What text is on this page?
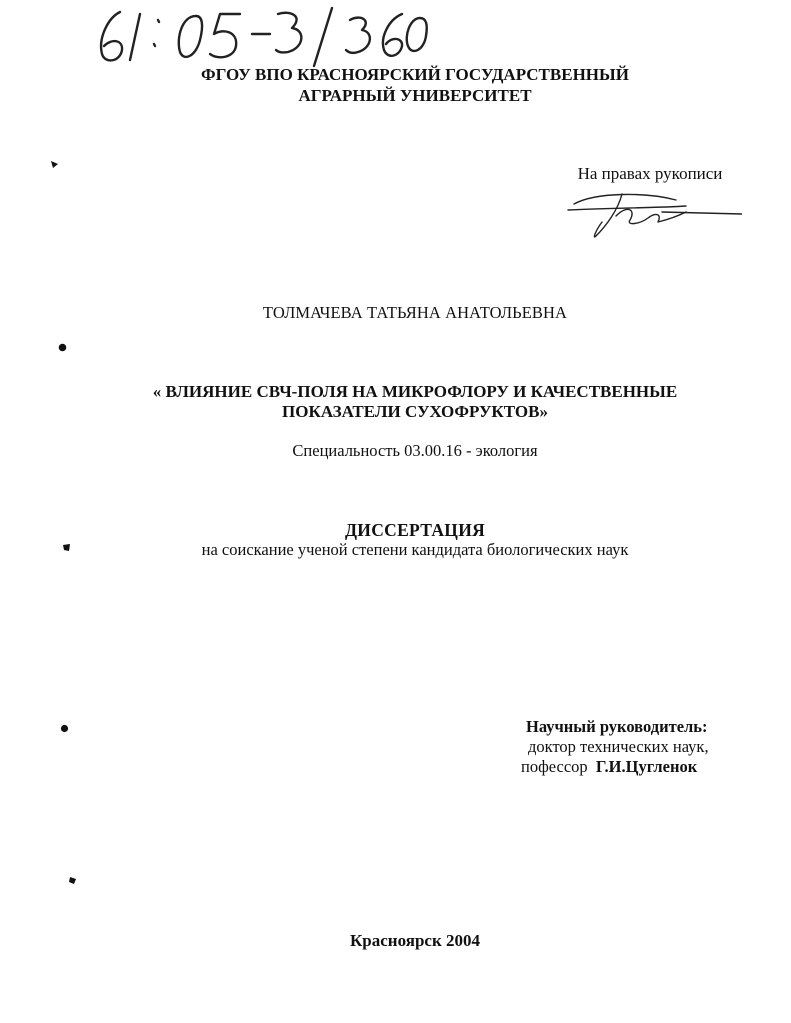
ФГОУ ВПО КРАСНОЯРСКИЙ ГОСУДАРСТВЕННЫЙ
АГРАРНЫЙ УНИВЕРСИТЕТ
На правах рукописи
ТОЛМАЧЕВА ТАТЬЯНА АНАТОЛЬЕВНА
« ВЛИЯНИЕ СВЧ-ПОЛЯ НА МИКРОФЛОРУ И КАЧЕСТВЕННЫЕ
ПОКАЗАТЕЛИ СУХОФРУКТОВ»
Специальность 03.00.16 - экология
ДИССЕРТАЦИЯ
на соискание ученой степени кандидата биологических наук
Научный руководитель:
доктор технических наук,
пофессор Г.И.Цугленок
Красноярск 2004
